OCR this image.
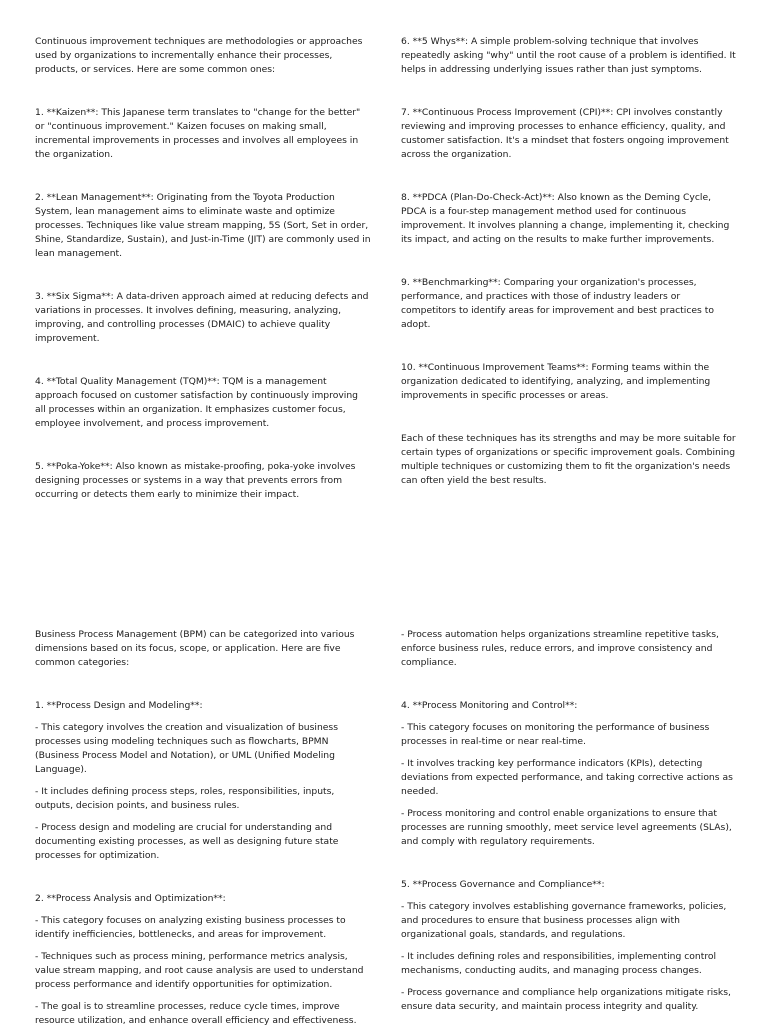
Continuous improvement techniques are methodologies or approaches used by organizations to incrementally enhance their processes, products, or services. Here are some common ones:

1. **Kaizen**: This Japanese term translates to "change for the better" or "continuous improvement." Kaizen focuses on making small, incremental improvements in processes and involves all employees in the organization.

2. **Lean Management**: Originating from the Toyota Production System, lean management aims to eliminate waste and optimize processes. Techniques like value stream mapping, 5S (Sort, Set in order, Shine, Standardize, Sustain), and Just-in-Time (JIT) are commonly used in lean management.

3. **Six Sigma**: A data-driven approach aimed at reducing defects and variations in processes. It involves defining, measuring, analyzing, improving, and controlling processes (DMAIC) to achieve quality improvement.

4. **Total Quality Management (TQM)**: TQM is a management approach focused on customer satisfaction by continuously improving all processes within an organization. It emphasizes customer focus, employee involvement, and process improvement.

5. **Poka-Yoke**: Also known as mistake-proofing, poka-yoke involves designing processes or systems in a way that prevents errors from occurring or detects them early to minimize their impact.

6. **5 Whys**: A simple problem-solving technique that involves repeatedly asking "why" until the root cause of a problem is identified. It helps in addressing underlying issues rather than just symptoms.

7. **Continuous Process Improvement (CPI)**: CPI involves constantly reviewing and improving processes to enhance efficiency, quality, and customer satisfaction. It's a mindset that fosters ongoing improvement across the organization.

8. **PDCA (Plan-Do-Check-Act)**: Also known as the Deming Cycle, PDCA is a four-step management method used for continuous improvement. It involves planning a change, implementing it, checking its impact, and acting on the results to make further improvements.

9. **Benchmarking**: Comparing your organization's processes, performance, and practices with those of industry leaders or competitors to identify areas for improvement and best practices to adopt.

10. **Continuous Improvement Teams**: Forming teams within the organization dedicated to identifying, analyzing, and implementing improvements in specific processes or areas.

Each of these techniques has its strengths and may be more suitable for certain types of organizations or specific improvement goals. Combining multiple techniques or customizing them to fit the organization's needs can often yield the best results.

Business Process Management (BPM) can be categorized into various dimensions based on its focus, scope, or application. Here are five common categories:

1. **Process Design and Modeling**:

- This category involves the creation and visualization of business processes using modeling techniques such as flowcharts, BPMN (Business Process Model and Notation), or UML (Unified Modeling Language).

- It includes defining process steps, roles, responsibilities, inputs, outputs, decision points, and business rules.

- Process design and modeling are crucial for understanding and documenting existing processes, as well as designing future state processes for optimization.

2. **Process Analysis and Optimization**:

- This category focuses on analyzing existing business processes to identify inefficiencies, bottlenecks, and areas for improvement.

- Techniques such as process mining, performance metrics analysis, value stream mapping, and root cause analysis are used to understand process performance and identify opportunities for optimization.

- The goal is to streamline processes, reduce cycle times, improve resource utilization, and enhance overall efficiency and effectiveness.

- Process automation helps organizations streamline repetitive tasks, enforce business rules, reduce errors, and improve consistency and compliance.

4. **Process Monitoring and Control**:

- This category focuses on monitoring the performance of business processes in real-time or near real-time.

- It involves tracking key performance indicators (KPIs), detecting deviations from expected performance, and taking corrective actions as needed.

- Process monitoring and control enable organizations to ensure that processes are running smoothly, meet service level agreements (SLAs), and comply with regulatory requirements.

5. **Process Governance and Compliance**:

- This category involves establishing governance frameworks, policies, and procedures to ensure that business processes align with organizational goals, standards, and regulations.

- It includes defining roles and responsibilities, implementing control mechanisms, conducting audits, and managing process changes.

- Process governance and compliance help organizations mitigate risks, ensure data security, and maintain process integrity and quality.
